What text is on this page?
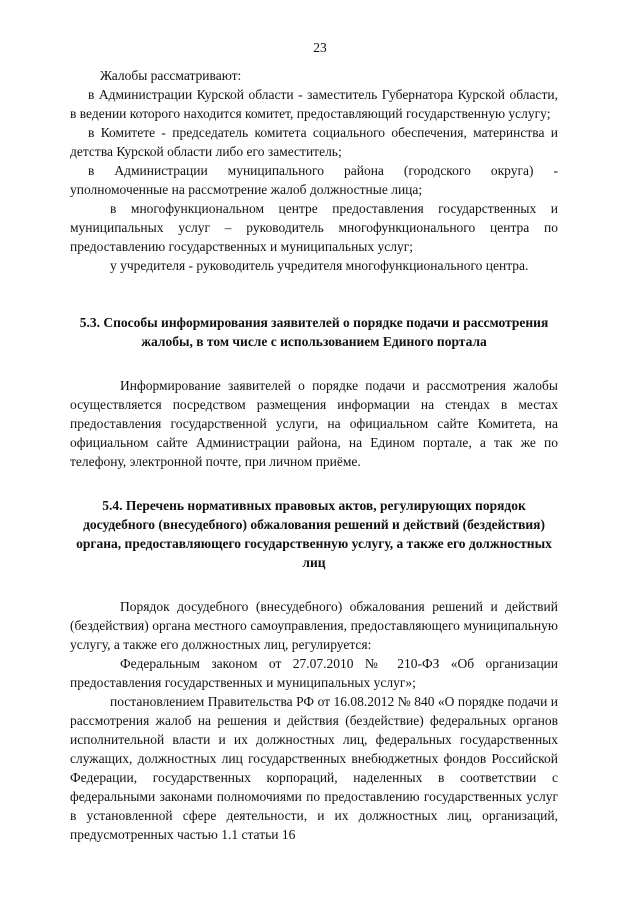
23

Жалобы рассматривают:

в Администрации Курской области - заместитель Губернатора Курской области, в ведении которого находится комитет, предоставляющий государственную услугу;

в Комитете - председатель комитета социального обеспечения, материнства и детства Курской области либо его заместитель;

в Администрации муниципального района (городского округа) - уполномоченные на рассмотрение жалоб должностные лица;

в многофункциональном центре предоставления государственных и муниципальных услуг – руководитель многофункционального центра по предоставлению государственных и муниципальных услуг;

у учредителя - руководитель учредителя многофункционального центра.

5.3. Способы информирования заявителей о порядке подачи и рассмотрения жалобы, в том числе с использованием Единого портала

Информирование заявителей о порядке подачи и рассмотрения жалобы осуществляется посредством размещения информации на стендах в местах предоставления государственной услуги, на официальном сайте Комитета, на официальном сайте Администрации района, на Едином портале, а так же по телефону, электронной почте, при личном приёме.

5.4. Перечень нормативных правовых актов, регулирующих порядок досудебного (внесудебного) обжалования решений и действий (бездействия) органа, предоставляющего государственную услугу, а также его должностных лиц

Порядок досудебного (внесудебного) обжалования решений и действий (бездействия) органа местного самоуправления, предоставляющего муниципальную услугу, а также его должностных лиц, регулируется:

Федеральным законом от 27.07.2010 № 210-ФЗ «Об организации предоставления государственных и муниципальных услуг»;

постановлением Правительства РФ от 16.08.2012 № 840 «О порядке подачи и рассмотрения жалоб на решения и действия (бездействие) федеральных органов исполнительной власти и их должностных лиц, федеральных государственных служащих, должностных лиц государственных внебюджетных фондов Российской Федерации, государственных корпораций, наделенных в соответствии с федеральными законами полномочиями по предоставлению государственных услуг в установленной сфере деятельности, и их должностных лиц, организаций, предусмотренных частью 1.1 статьи 16
